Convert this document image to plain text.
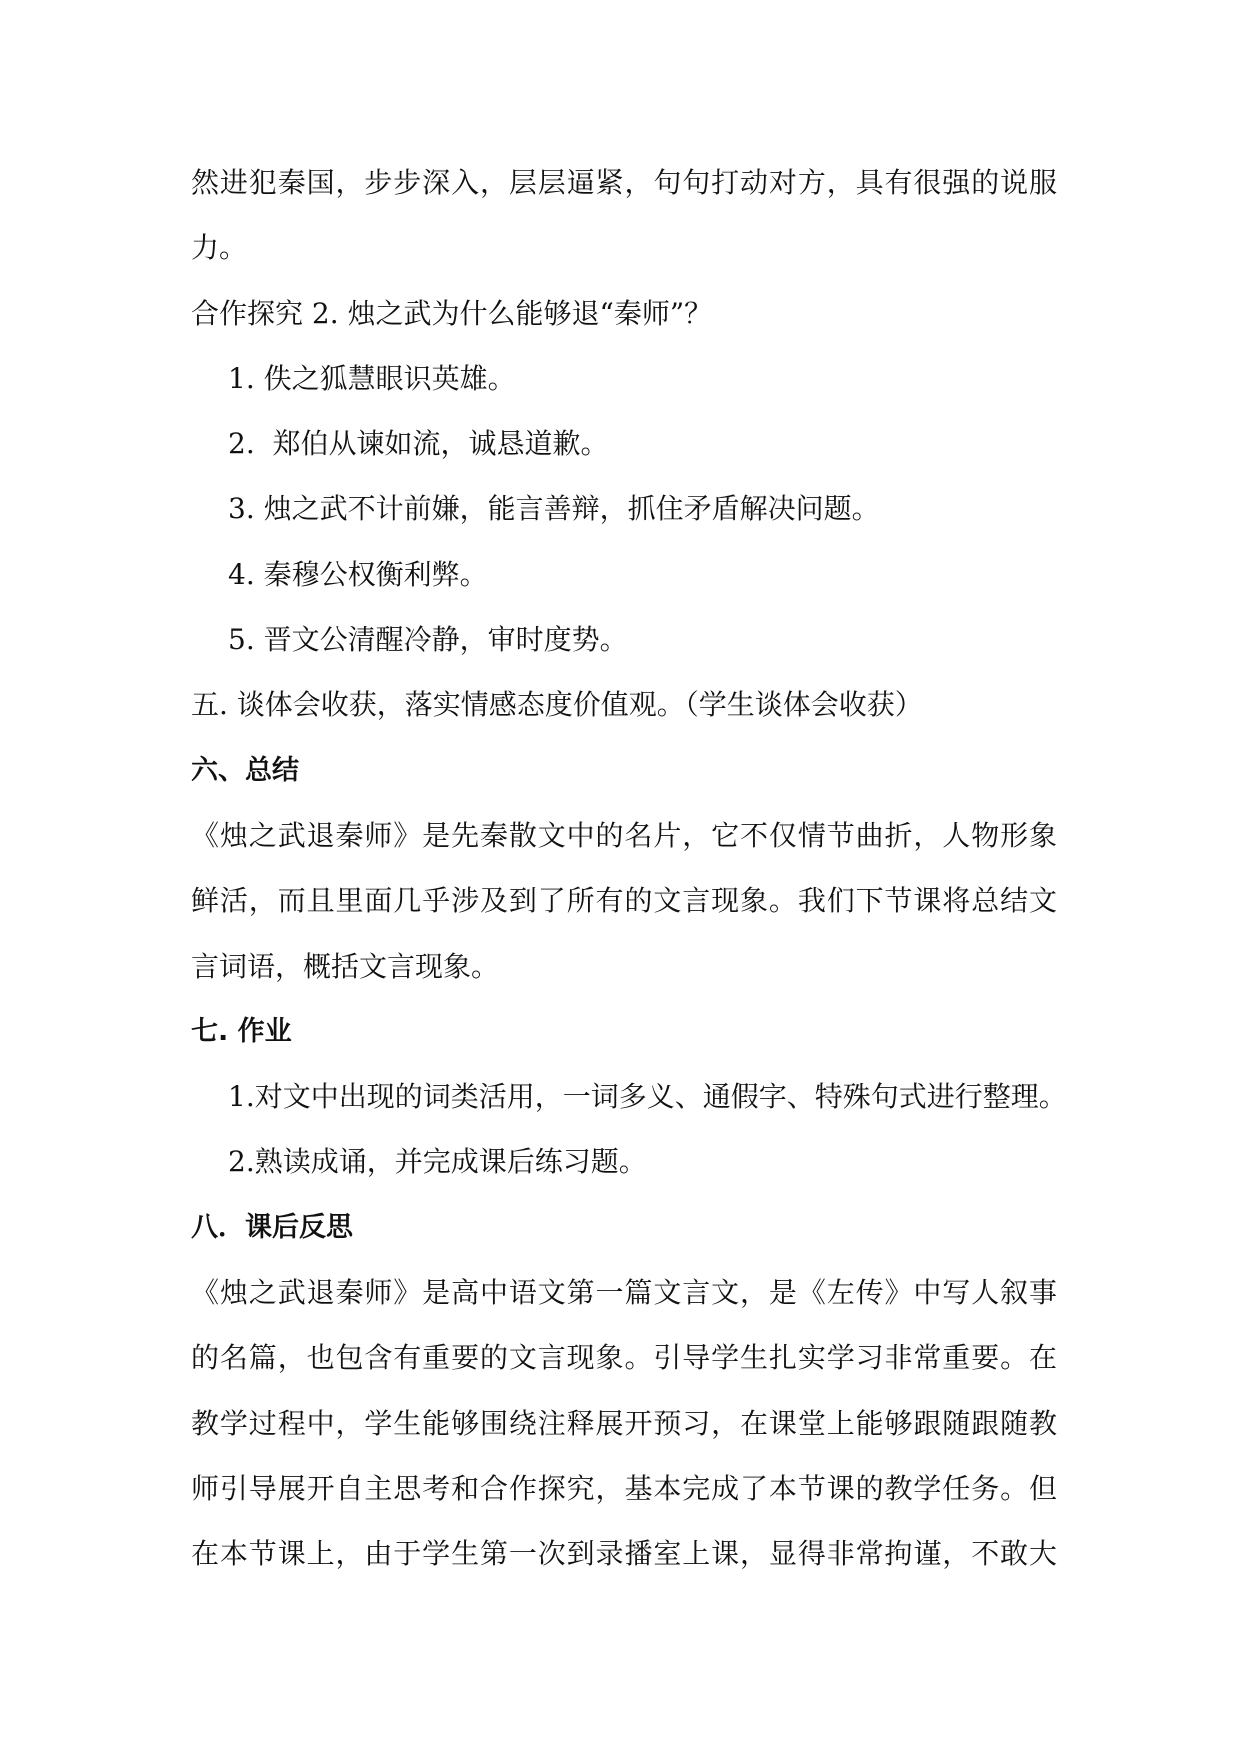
然进犯秦国，步步深入，层层逼紧，句句打动对方，具有很强的说服
力。
合作探究 2. 烛之武为什么能够退“秦师”？
1. 佚之狐慧眼识英雄。
2.  郑伯从谏如流，诚恳道歉。
3. 烛之武不计前嫌，能言善辩，抓住矛盾解决问题。
4. 秦穆公权衡利弊。
5. 晋文公清醒冷静，审时度势。
五. 谈体会收获，落实情感态度价值观。（学生谈体会收获）
六、总结
《烛之武退秦师》是先秦散文中的名片，它不仅情节曲折，人物形象
鲜活，而且里面几乎涉及到了所有的文言现象。我们下节课将总结文
言词语，概括文言现象。
七. 作业
1.对文中出现的词类活用，一词多义、通假字、特殊句式进行整理。
2.熟读成诵，并完成课后练习题。
八．课后反思
《烛之武退秦师》是高中语文第一篇文言文，是《左传》中写人叙事
的名篇，也包含有重要的文言现象。引导学生扎实学习非常重要。在
教学过程中，学生能够围绕注释展开预习，在课堂上能够跟随跟随教
师引导展开自主思考和合作探究，基本完成了本节课的教学任务。但
在本节课上，由于学生第一次到录播室上课，显得非常拘谨，不敢大
